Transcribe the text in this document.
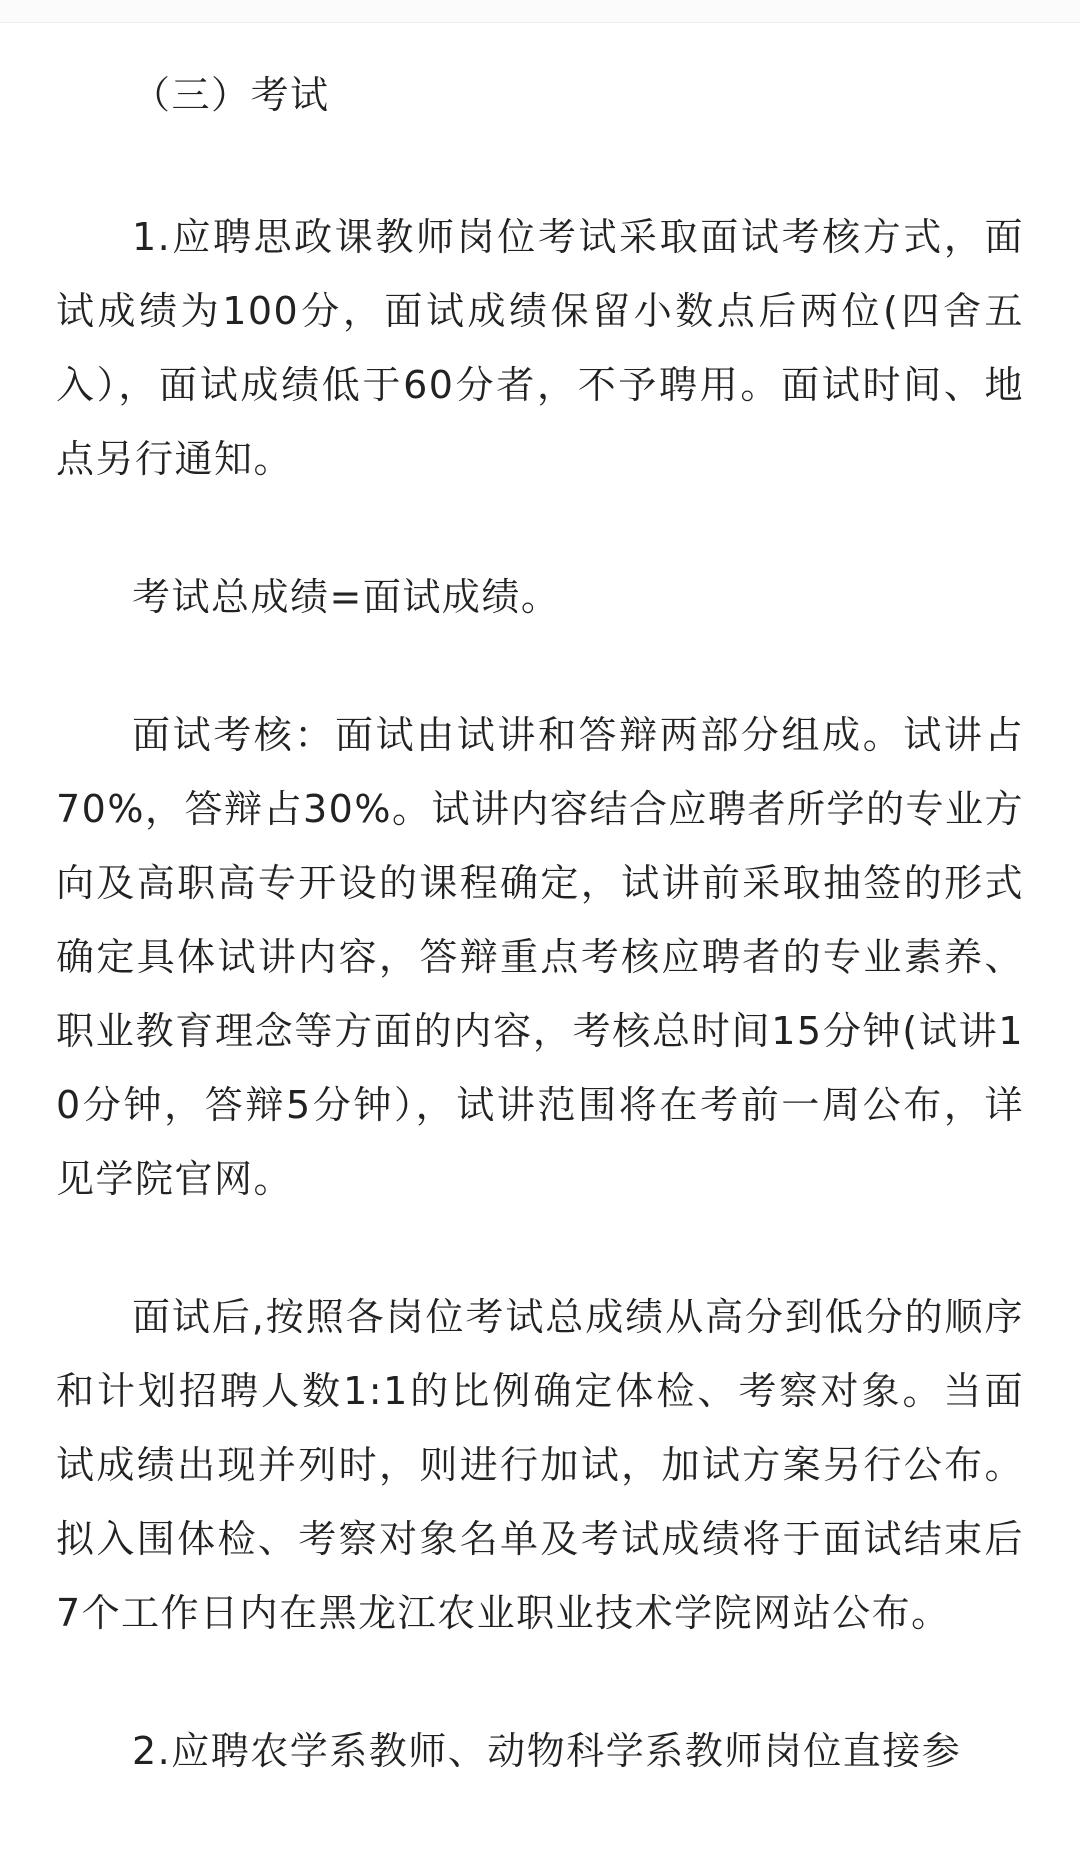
（三）考试

1.应聘思政课教师岗位考试采取面试考核方式，面试成绩为100分，面试成绩保留小数点后两位(四舍五入），面试成绩低于60分者，不予聘用。面试时间、地点另行通知。

考试总成绩=面试成绩。

面试考核：面试由试讲和答辩两部分组成。试讲占70%，答辩占30%。试讲内容结合应聘者所学的专业方向及高职高专开设的课程确定，试讲前采取抽签的形式确定具体试讲内容，答辩重点考核应聘者的专业素养、职业教育理念等方面的内容，考核总时间15分钟(试讲10分钟，答辩5分钟），试讲范围将在考前一周公布，详见学院官网。

面试后,按照各岗位考试总成绩从高分到低分的顺序和计划招聘人数1:1的比例确定体检、考察对象。当面试成绩出现并列时，则进行加试，加试方案另行公布。拟入围体检、考察对象名单及考试成绩将于面试结束后7个工作日内在黑龙江农业职业技术学院网站公布。

2.应聘农学系教师、动物科学系教师岗位直接参
